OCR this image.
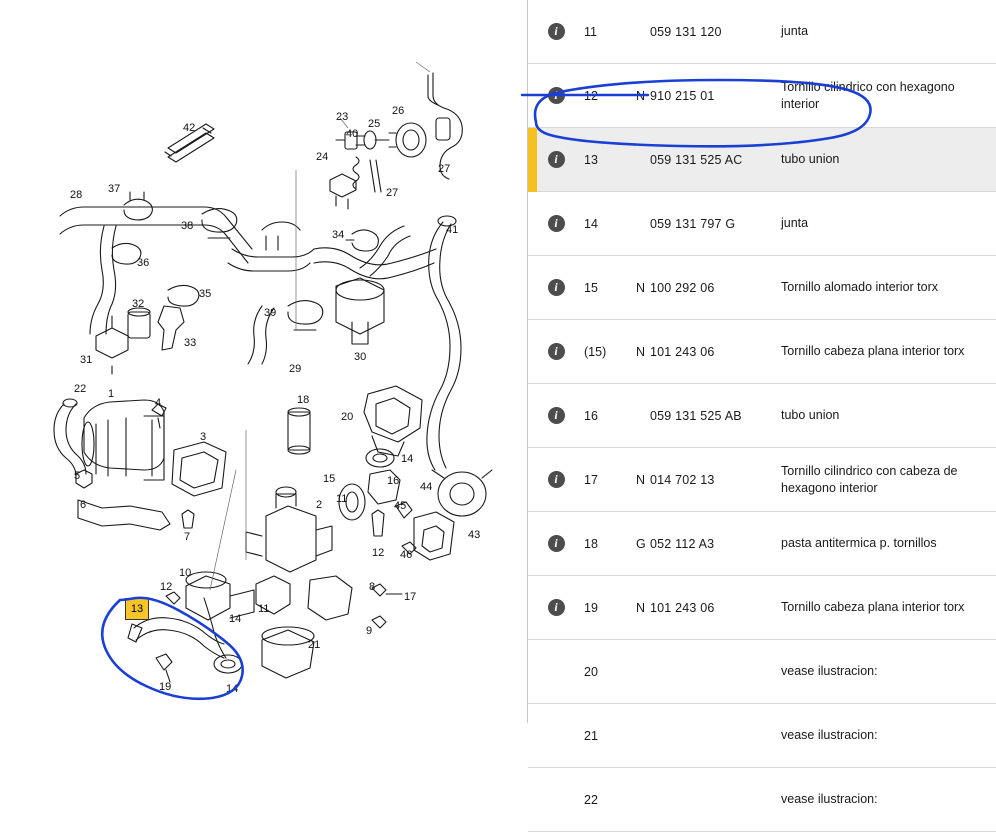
42
37
28
38
39
23
40
25
26
27
24
35
36
32
33
31
34	41
29
30
27
22 1
4
3
18
20
5
6
7
14
16
15
11
2
44
45
43
12 46
10
12
11
14
8
17
9
21
19	14
13
i	11	059 131 120	junta

i	12	N 910 215 01	Tornillo cilindrico con hexagono interior

i	13	059 131 525 AC	tubo union

i	14	059 131 797 G	junta

i	15	N 100 292 06	Tornillo alomado interior torx

i	(15)	N 101 243 06	Tornillo cabeza plana interior torx

i	16	059 131 525 AB	tubo union

i	17	N 014 702 13	Tornillo cilindrico con cabeza de hexagono interior

i	18	G 052 112 A3	pasta antitermica p. tornillos

i	19	N 101 243 06	Tornillo cabeza plana interior torx

	20		vease ilustracion:

	21		vease ilustracion:

	22		vease ilustracion:
